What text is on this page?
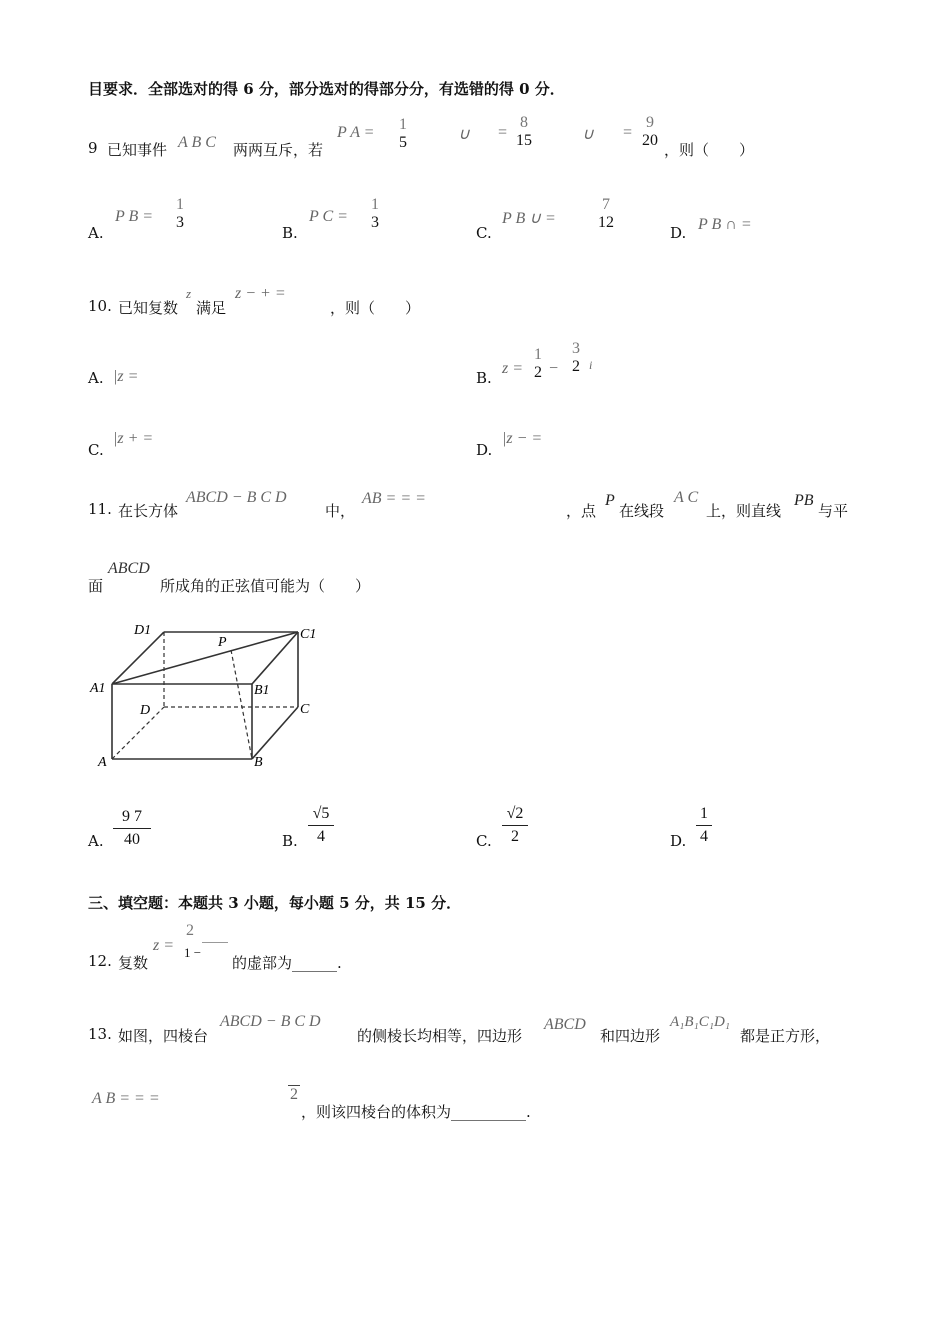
目要求．全部选对的得 6 分，部分选对的得部分分，有选错的得 0 分．
9 已知事件 A B C 两两互斥，若
P A = 1
5	∪ =
8
15	∪ =
9
20
，则（　　）
A.
P B =
1
3
B.
P C =
1
3
C.
P B ∪ =
7
12
D. P B ∩ =
10. 已知复数
z
满足
z − + =
，则（　　）
A. |z =	B.
z =
1
2 −
3
2 i
C.
|z + =
D.
|z − =
11. 在长方体
ABCD − B C D
中，
AB = = =
，点
P
在线段
A C
上，则直线
PB
与平
面
ABCD
所成角的正弦值可能为（　　）
D1	C1
P
A1	B1
D	C
A	B
A.
9 7
40	B.
√5
4	C.
√2
2	D.
1
4
三、填空题：本题共 3 小题，每小题 5 分，共 15 分．
12. 复数
z =
2
1 −
的虚部为______.
13. 如图，四棱台
ABCD − B C D
的侧棱长均相等，四边形
ABCD
和四边形
A₁B₁C₁D₁
都是正方形，
A B = = =	2
，则该四棱台的体积为__________.
